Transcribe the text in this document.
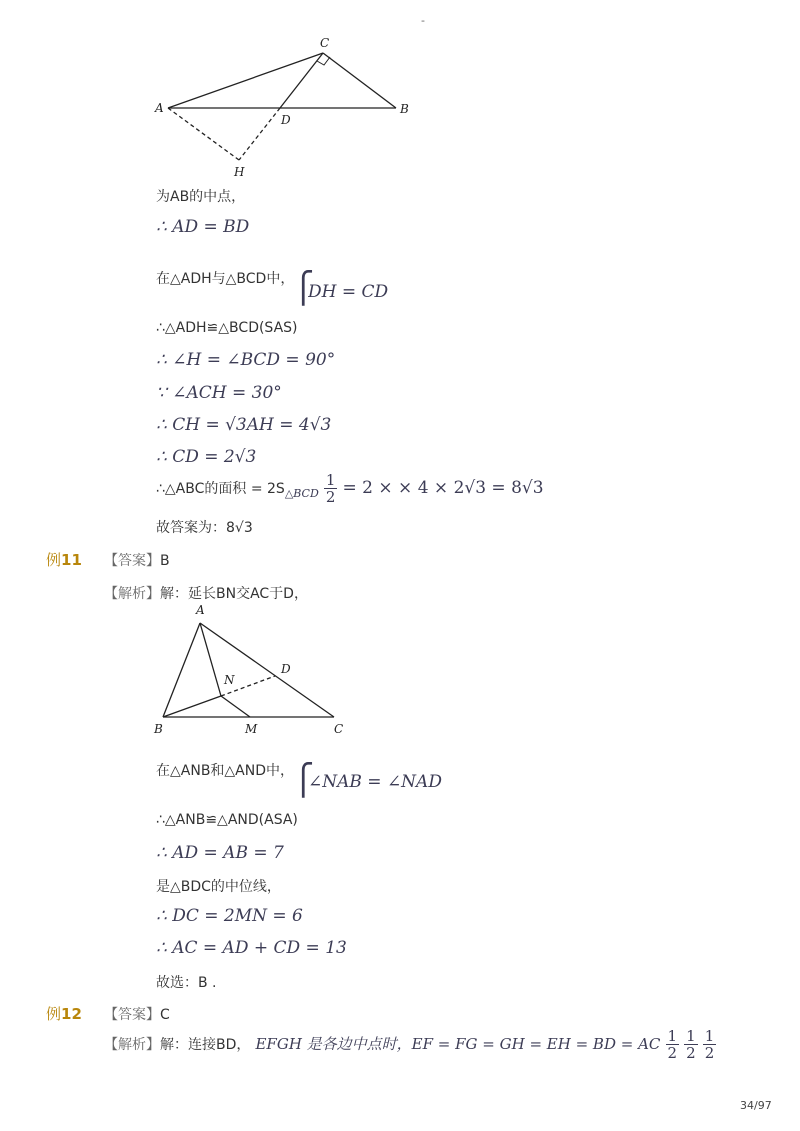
-
C
A
D
B
H
为AB的中点，
∴ AD = BD
在△ADH与△BCD中，
⎧
DH = CD
∴△ADH≌△BCD(SAS)
∴ ∠H = ∠BCD = 90°
∵ ∠ACH = 30°
∴ CH = √3AH = 4√3
∴ CD = 2√3
∴△ABC的面积 = $2S_{\triangle BCD} \frac{1}{2} = 2$ × × 4 × 2√3 = 8√3
故答案为：8√3
例11 【答案】B
【解析】解：延长BN交AC于D，
A
N
D
B	M	C
在△ANB和△AND中，
⎧
∠NAB = ∠NAD
∴△ANB≌△AND(ASA)
∴ AD = AB = 7
是△BDC的中位线，
∴ DC = 2MN = 6
∴ AC = AD + CD = 13
故选：B .
例12 【答案】C
【解析】解：连接BD， EFGH 是各边中点时，EF = FG = GH = EH = BD = AC $\frac{1}{2}$
$\frac{1}{2}$
$\frac{1}{2}$
34/97
